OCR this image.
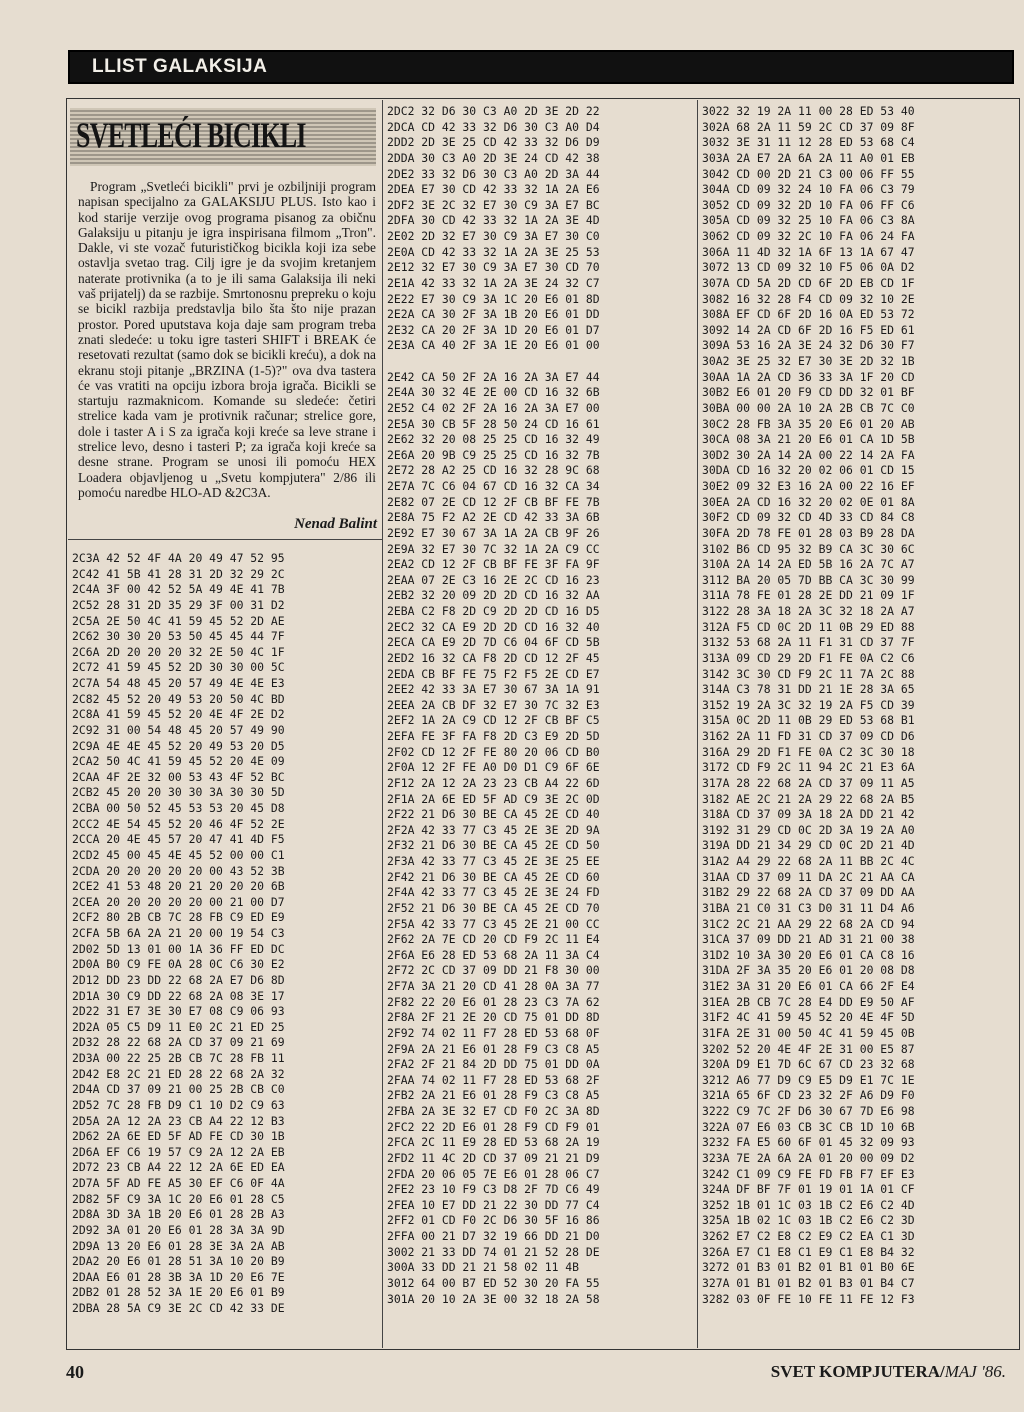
LLIST GALAKSIJA
SVETLEĆI BICIKLI

Program „Svetleći bicikli" prvi je ozbiljniji program napisan specijalno za GALAKSIJU PLUS. Isto kao i kod starije verzije ovog programa pisanog za običnu Galaksiju u pitanju je igra inspirisana filmom „Tron". Dakle, vi ste vozač futurističkog bicikla koji iza sebe ostavlja svetao trag. Cilj igre je da svojim kretanjem naterate protivnika (a to je ili sama Galaksija ili neki vaš prijatelj) da se razbije. Smrtonosnu prepreku o koju se bicikl razbija predstavlja bilo šta što nije prazan prostor. Pored uputstava koja daje sam program treba znati sledeće: u toku igre tasteri SHIFT i BREAK će resetovati rezultat (samo dok se bicikli kreću), a dok na ekranu stoji pitanje „BRZINA (1-5)?" ova dva tastera će vas vratiti na opciju izbora broja igrača. Bicikli se startuju razmaknicom. Komande su sledeće: četiri strelice kada vam je protivnik računar; strelice gore, dole i taster A i S za igrača koji kreće sa leve strane i strelice levo, desno i tasteri P; za igrača koji kreće sa desne strane. Program se unosi ili pomoću HEX Loadera objavljenog u „Svetu kompjutera" 2/86 ili pomoću naredbe HLO-AD &2C3A.

Nenad Balint

2C3A 42 52 4F 4A 20 49 47 52 95
2C42 41 5B 41 28 31 2D 32 29 2C
2C4A 3F 00 42 52 5A 49 4E 41 7B
2C52 28 31 2D 35 29 3F 00 31 D2
2C5A 2E 50 4C 41 59 45 52 2D AE
2C62 30 30 20 53 50 45 45 44 7F
2C6A 2D 20 20 20 32 2E 50 4C 1F
2C72 41 59 45 52 2D 30 30 00 5C
2C7A 54 48 45 20 57 49 4E 4E E3
2C82 45 52 20 49 53 20 50 4C BD
2C8A 41 59 45 52 20 4E 4F 2E D2
2C92 31 00 54 48 45 20 57 49 90
2C9A 4E 4E 45 52 20 49 53 20 D5
2CA2 50 4C 41 59 45 52 20 4E 09
2CAA 4F 2E 32 00 53 43 4F 52 BC
2CB2 45 20 20 30 30 3A 30 30 5D
2CBA 00 50 52 45 53 53 20 45 D8
2CC2 4E 54 45 52 20 46 4F 52 2E
2CCA 20 4E 45 57 20 47 41 4D F5
2CD2 45 00 45 4E 45 52 00 00 C1
2CDA 20 20 20 20 20 00 43 52 3B
2CE2 41 53 48 20 21 20 20 20 6B
2CEA 20 20 20 20 20 00 21 00 D7
2CF2 80 2B CB 7C 28 FB C9 ED E9
2CFA 5B 6A 2A 21 20 00 19 54 C3
2D02 5D 13 01 00 1A 36 FF ED DC
2D0A B0 C9 FE 0A 28 0C C6 30 E2
2D12 DD 23 DD 22 68 2A E7 D6 8D
2D1A 30 C9 DD 22 68 2A 08 3E 17
2D22 31 E7 3E 30 E7 08 C9 06 93
2D2A 05 C5 D9 11 E0 2C 21 ED 25
2D32 28 22 68 2A CD 37 09 21 69
2D3A 00 22 25 2B CB 7C 28 FB 11
2D42 E8 2C 21 ED 28 22 68 2A 32
2D4A CD 37 09 21 00 25 2B CB C0
2D52 7C 28 FB D9 C1 10 D2 C9 63
2D5A 2A 12 2A 23 CB A4 22 12 B3
2D62 2A 6E ED 5F AD FE CD 30 1B
2D6A EF C6 19 57 C9 2A 12 2A EB
2D72 23 CB A4 22 12 2A 6E ED EA
2D7A 5F AD FE A5 30 EF C6 0F 4A
2D82 5F C9 3A 1C 20 E6 01 28 C5
2D8A 3D 3A 1B 20 E6 01 28 2B A3
2D92 3A 01 20 E6 01 28 3A 3A 9D
2D9A 13 20 E6 01 28 3E 3A 2A AB
2DA2 20 E6 01 28 51 3A 10 20 B9
2DAA E6 01 28 3B 3A 1D 20 E6 7E
2DB2 01 28 52 3A 1E 20 E6 01 B9
2DBA 28 5A C9 3E 2C CD 42 33 DE
2DC2 32 D6 30 C3 A0 2D 3E 2D 22
2DCA CD 42 33 32 D6 30 C3 A0 D4
2DD2 2D 3E 25 CD 42 33 32 D6 D9
2DDA 30 C3 A0 2D 3E 24 CD 42 38
2DE2 33 32 D6 30 C3 A0 2D 3A 44
2DEA E7 30 CD 42 33 32 1A 2A E6
2DF2 3E 2C 32 E7 30 C9 3A E7 BC
2DFA 30 CD 42 33 32 1A 2A 3E 4D
2E02 2D 32 E7 30 C9 3A E7 30 C0
2E0A CD 42 33 32 1A 2A 3E 25 53
2E12 32 E7 30 C9 3A E7 30 CD 70
2E1A 42 33 32 1A 2A 3E 24 32 C7
2E22 E7 30 C9 3A 1C 20 E6 01 8D
2E2A CA 30 2F 3A 1B 20 E6 01 DD
2E32 CA 20 2F 3A 1D 20 E6 01 D7
2E3A CA 40 2F 3A 1E 20 E6 01 00
2E42 CA 50 2F 2A 16 2A 3A E7 44
2E4A 30 32 4E 2E 00 CD 16 32 6B
2E52 C4 02 2F 2A 16 2A 3A E7 00
2E5A 30 CB 5F 28 50 24 CD 16 61
2E62 32 20 08 25 25 CD 16 32 49
2E6A 20 9B C9 25 25 CD 16 32 7B
2E72 28 A2 25 CD 16 32 28 9C 68
2E7A 7C C6 04 67 CD 16 32 CA 34
2E82 07 2E CD 12 2F CB BF FE 7B
2E8A 75 F2 A2 2E CD 42 33 3A 6B
2E92 E7 30 67 3A 1A 2A CB 9F 26
2E9A 32 E7 30 7C 32 1A 2A C9 CC
2EA2 CD 12 2F CB BF FE 3F FA 9F
2EAA 07 2E C3 16 2E 2C CD 16 23
2EB2 32 20 09 2D 2D CD 16 32 AA
2EBA C2 F8 2D C9 2D 2D CD 16 D5
2EC2 32 CA E9 2D 2D CD 16 32 40
2ECA CA E9 2D 7D C6 04 6F CD 5B
2ED2 16 32 CA F8 2D CD 12 2F 45
2EDA CB BF FE 75 F2 F5 2E CD E7
2EE2 42 33 3A E7 30 67 3A 1A 91
2EEA 2A CB DF 32 E7 30 7C 32 E3
2EF2 1A 2A C9 CD 12 2F CB BF C5
2EFA FE 3F FA F8 2D C3 E9 2D 5D
2F02 CD 12 2F FE 80 20 06 CD B0
2F0A 12 2F FE A0 D0 D1 C9 6F 6E
2F12 2A 12 2A 23 23 CB A4 22 6D
2F1A 2A 6E ED 5F AD C9 3E 2C 0D
2F22 21 D6 30 BE CA 45 2E CD 40
2F2A 42 33 77 C3 45 2E 3E 2D 9A
2F32 21 D6 30 BE CA 45 2E CD 50
2F3A 42 33 77 C3 45 2E 3E 25 EE
2F42 21 D6 30 BE CA 45 2E CD 60
2F4A 42 33 77 C3 45 2E 3E 24 FD
2F52 21 D6 30 BE CA 45 2E CD 70
2F5A 42 33 77 C3 45 2E 21 00 CC
2F62 2A 7E CD 20 CD F9 2C 11 E4
2F6A E6 28 ED 53 68 2A 11 3A C4
2F72 2C CD 37 09 DD 21 F8 30 00
2F7A 3A 21 20 CD 41 28 0A 3A 77
2F82 22 20 E6 01 28 23 C3 7A 62
2F8A 2F 21 2E 20 CD 75 01 DD 8D
2F92 74 02 11 F7 28 ED 53 68 0F
2F9A 2A 21 E6 01 28 F9 C3 C8 A5
2FA2 2F 21 84 2D DD 75 01 DD 0A
2FAA 74 02 11 F7 28 ED 53 68 2F
2FB2 2A 21 E6 01 28 F9 C3 C8 A5
2FBA 2A 3E 32 E7 CD F0 2C 3A 8D
2FC2 22 2D E6 01 28 F9 CD F9 01
2FCA 2C 11 E9 28 ED 53 68 2A 19
2FD2 11 4C 2D CD 37 09 21 21 D9
2FDA 20 06 05 7E E6 01 28 06 C7
2FE2 23 10 F9 C3 D8 2F 7D C6 49
2FEA 10 E7 DD 21 22 30 DD 77 C4
2FF2 01 CD F0 2C D6 30 5F 16 86
2FFA 00 21 D7 32 19 66 DD 21 D0
3002 21 33 DD 74 01 21 52 28 DE
300A 33 DD 21 21 58 02 11 4B
3012 64 00 B7 ED 52 30 20 FA 55
301A 20 10 2A 3E 00 32 18 2A 58
3022 32 19 2A 11 00 28 ED 53 40
302A 68 2A 11 59 2C CD 37 09 8F
3032 3E 31 11 12 28 ED 53 68 C4
303A 2A E7 2A 6A 2A 11 A0 01 EB
3042 CD 00 2D 21 C3 00 06 FF 55
304A CD 09 32 24 10 FA 06 C3 79
3052 CD 09 32 2D 10 FA 06 FF C6
305A CD 09 32 25 10 FA 06 C3 8A
3062 CD 09 32 2C 10 FA 06 24 FA
306A 11 4D 32 1A 6F 13 1A 67 47
3072 13 CD 09 32 10 F5 06 0A D2
307A CD 5A 2D CD 6F 2D EB CD 1F
3082 16 32 28 F4 CD 09 32 10 2E
308A EF CD 6F 2D 16 0A ED 53 72
3092 14 2A CD 6F 2D 16 F5 ED 61
309A 53 16 2A 3E 24 32 D6 30 F7
30A2 3E 25 32 E7 30 3E 2D 32 1B
30AA 1A 2A CD 36 33 3A 1F 20 CD
30B2 E6 01 20 F9 CD DD 32 01 BF
30BA 00 00 2A 10 2A 2B CB 7C C0
30C2 28 FB 3A 35 20 E6 01 20 AB
30CA 08 3A 21 20 E6 01 CA 1D 5B
30D2 30 2A 14 2A 00 22 14 2A FA
30DA CD 16 32 20 02 06 01 CD 15
30E2 09 32 E3 16 2A 00 22 16 EF
30EA 2A CD 16 32 20 02 0E 01 8A
30F2 CD 09 32 CD 4D 33 CD 84 C8
30FA 2D 78 FE 01 28 03 B9 28 DA
3102 B6 CD 95 32 B9 CA 3C 30 6C
310A 2A 14 2A ED 5B 16 2A 7C A7
3112 BA 20 05 7D BB CA 3C 30 99
311A 78 FE 01 28 2E DD 21 09 1F
3122 28 3A 18 2A 3C 32 18 2A A7
312A F5 CD 0C 2D 11 0B 29 ED 88
3132 53 68 2A 11 F1 31 CD 37 7F
313A 09 CD 29 2D F1 FE 0A C2 C6
3142 3C 30 CD F9 2C 11 7A 2C 88
314A C3 78 31 DD 21 1E 28 3A 65
3152 19 2A 3C 32 19 2A F5 CD 39
315A 0C 2D 11 0B 29 ED 53 68 B1
3162 2A 11 FD 31 CD 37 09 CD D6
316A 29 2D F1 FE 0A C2 3C 30 18
3172 CD F9 2C 11 94 2C 21 E3 6A
317A 28 22 68 2A CD 37 09 11 A5
3182 AE 2C 21 2A 29 22 68 2A B5
318A CD 37 09 3A 18 2A DD 21 42
3192 31 29 CD 0C 2D 3A 19 2A A0
319A DD 21 34 29 CD 0C 2D 21 4D
31A2 A4 29 22 68 2A 11 BB 2C 4C
31AA CD 37 09 11 DA 2C 21 AA CA
31B2 29 22 68 2A CD 37 09 DD AA
31BA 21 C0 31 C3 D0 31 11 D4 A6
31C2 2C 21 AA 29 22 68 2A CD 94
31CA 37 09 DD 21 AD 31 21 00 38
31D2 10 3A 30 20 E6 01 CA C8 16
31DA 2F 3A 35 20 E6 01 20 08 D8
31E2 3A 31 20 E6 01 CA 66 2F E4
31EA 2B CB 7C 28 E4 DD E9 50 AF
31F2 4C 41 59 45 52 20 4E 4F 5D
31FA 2E 31 00 50 4C 41 59 45 0B
3202 52 20 4E 4F 2E 31 00 E5 87
320A D9 E1 7D 6C 67 CD 23 32 68
3212 A6 77 D9 C9 E5 D9 E1 7C 1E
321A 65 6F CD 23 32 2F A6 D9 F0
3222 C9 7C 2F D6 30 67 7D E6 98
322A 07 E6 03 CB 3C CB 1D 10 6B
3232 FA E5 60 6F 01 45 32 09 93
323A 7E 2A 6A 2A 01 20 00 09 D2
3242 C1 09 C9 FE FD FB F7 EF E3
324A DF BF 7F 01 19 01 1A 01 CF
3252 1B 01 1C 03 1B C2 E6 C2 4D
325A 1B 02 1C 03 1B C2 E6 C2 3D
3262 E7 C2 E8 C2 E9 C2 EA C1 3D
326A E7 C1 E8 C1 E9 C1 E8 B4 32
3272 01 B3 01 B2 01 B1 01 B0 6E
327A 01 B1 01 B2 01 B3 01 B4 C7
3282 03 0F FE 10 FE 11 FE 12 F3
40	SVET KOMPJUTERA/MAJ '86.
